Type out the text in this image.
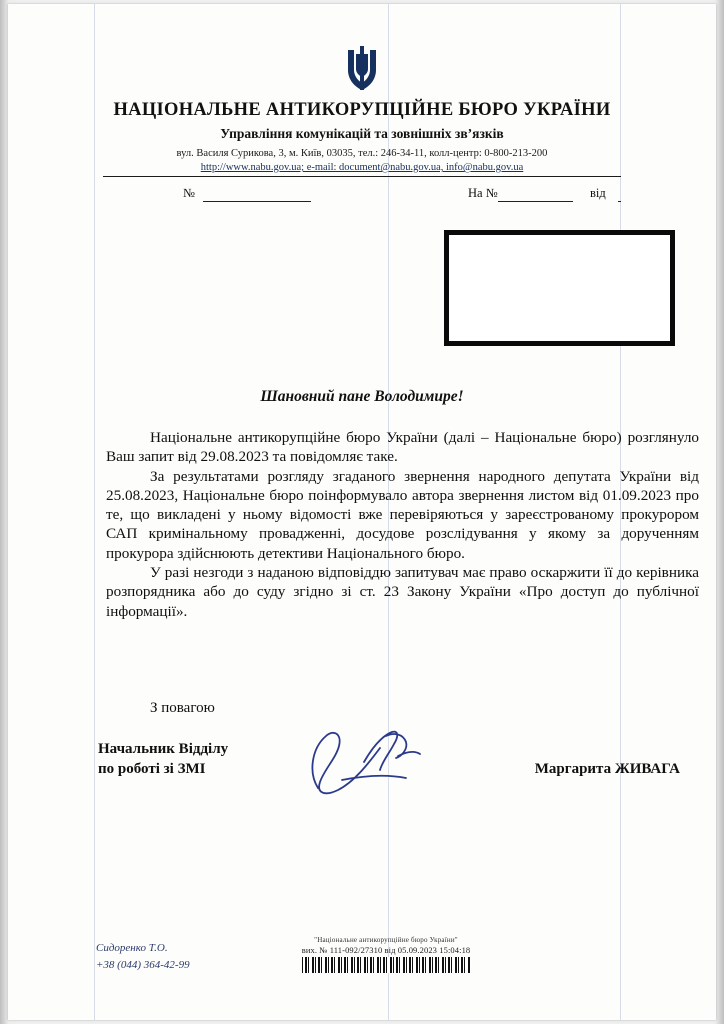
НАЦІОНАЛЬНЕ АНТИКОРУПЦІЙНЕ БЮРО УКРАЇНИ
Управління комунікацій та зовнішніх зв’язків
вул. Василя Сурикова, 3, м. Київ, 03035, тел.: 246-34-11, колл-центр: 0-800-213-200
http://www.nabu.gov.ua; e-mail: document@nabu.gov.ua, info@nabu.gov.ua
№	На №	від
Шановний пане Володимире!

Національне антикорупційне бюро України (далі – Національне бюро) розглянуло Ваш запит від 29.08.2023 та повідомляє таке.

За результатами розгляду згаданого звернення народного депутата України від 25.08.2023, Національне бюро поінформувало автора звернення листом від 01.09.2023 про те, що викладені у ньому відомості вже перевіряються у зареєстрованому прокурором САП кримінальному провадженні, досудове розслідування у якому за дорученням прокурора здійснюють детективи Національного бюро.

У разі незгоди з наданою відповіддю запитувач має право оскаржити її до керівника розпорядника або до суду згідно зі ст. 23 Закону України «Про доступ до публічної інформації».

З повагою
Начальник Відділу
по роботі зі ЗМІ	Маргарита ЖИВАГА
Сидоренко Т.О.
+38 (044) 364-42-99
"Національне антикорупційне бюро України"
вих. № 111-092/27310 від 05.09.2023 15:04:18
